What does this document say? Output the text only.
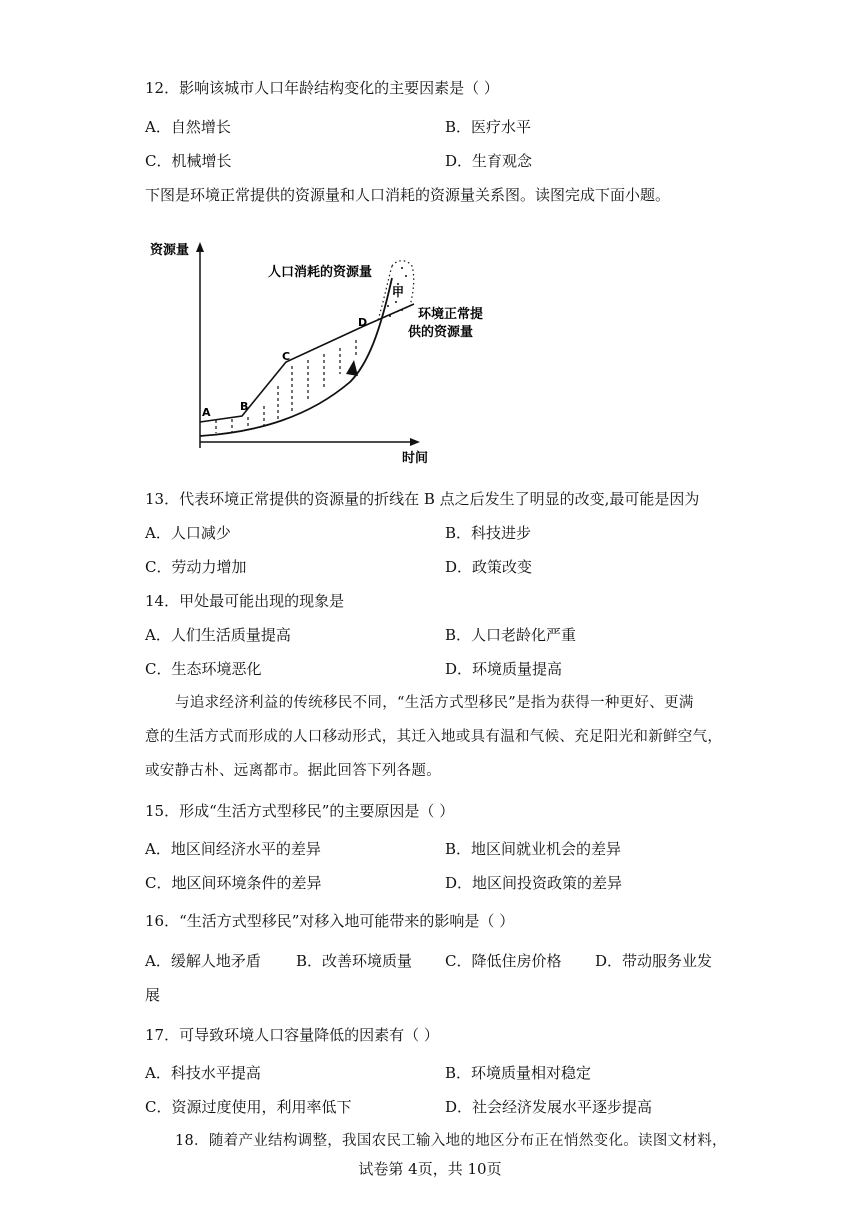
12．影响该城市人口年龄结构变化的主要因素是（ ）
A．自然增长	B．医疗水平
C．机械增长	D．生育观念
下图是环境正常提供的资源量和人口消耗的资源量关系图。读图完成下面小题。
资源量
时间
人口消耗的资源量
环境正常提
供的资源量
A	B
C
D
甲
13．代表环境正常提供的资源量的折线在 B 点之后发生了明显的改变,最可能是因为
A．人口减少	B．科技进步
C．劳动力增加	D．政策改变
14．甲处最可能出现的现象是
A．人们生活质量提高	B．人口老龄化严重
C．生态环境恶化	D．环境质量提高
与追求经济利益的传统移民不同，“生活方式型移民”是指为获得一种更好、更满
意的生活方式而形成的人口移动形式，其迁入地或具有温和气候、充足阳光和新鲜空气，
或安静古朴、远离都市。据此回答下列各题。
15．形成“生活方式型移民”的主要原因是（ ）
A．地区间经济水平的差异	B．地区间就业机会的差异
C．地区间环境条件的差异	D．地区间投资政策的差异
16．“生活方式型移民”对移入地可能带来的影响是（ ）
A．缓解人地矛盾 B．改善环境质量 C．降低住房价格 D．带动服务业发
展
17．可导致环境人口容量降低的因素有（ ）
A．科技水平提高	B．环境质量相对稳定
C．资源过度使用，利用率低下	D．社会经济发展水平逐步提高
18．随着产业结构调整，我国农民工输入地的地区分布正在悄然变化。读图文材料，
试卷第 4页，共 10页
